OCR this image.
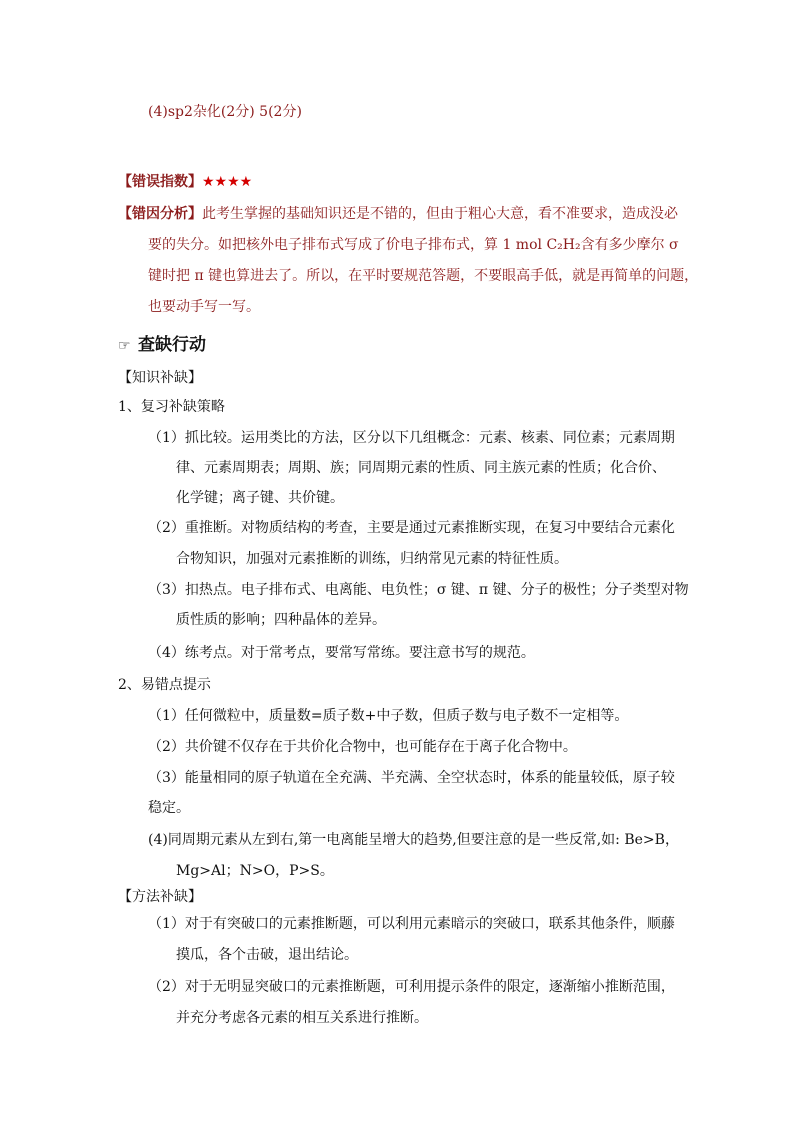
(4)sp2杂化(2分) 5(2分)
【错误指数】★★★★
【错因分析】此考生掌握的基础知识还是不错的，但由于粗心大意，看不准要求，造成没必
要的失分。如把核外电子排布式写成了价电子排布式，算 1 mol C₂H₂含有多少摩尔 σ
键时把 π 键也算进去了。所以，在平时要规范答题，不要眼高手低，就是再简单的问题，
也要动手写一写。
☞ 查缺行动
【知识补缺】
1、复习补缺策略
（1）抓比较。运用类比的方法，区分以下几组概念：元素、核素、同位素；元素周期
律、元素周期表；周期、族；同周期元素的性质、同主族元素的性质；化合价、
化学键；离子键、共价键。
（2）重推断。对物质结构的考查，主要是通过元素推断实现，在复习中要结合元素化
合物知识，加强对元素推断的训练，归纳常见元素的特征性质。
（3）扣热点。电子排布式、电离能、电负性；σ 键、π 键、分子的极性；分子类型对物
质性质的影响；四种晶体的差异。
（4）练考点。对于常考点，要常写常练。要注意书写的规范。
2、易错点提示
（1）任何微粒中，质量数=质子数+中子数，但质子数与电子数不一定相等。
（2）共价键不仅存在于共价化合物中，也可能存在于离子化合物中。
（3）能量相同的原子轨道在全充满、半充满、全空状态时，体系的能量较低，原子较
稳定。
(4)同周期元素从左到右,第一电离能呈增大的趋势,但要注意的是一些反常,如: Be>B，
Mg>Al；N>O，P>S。
【方法补缺】
（1）对于有突破口的元素推断题，可以利用元素暗示的突破口，联系其他条件，顺藤
摸瓜，各个击破，退出结论。
（2）对于无明显突破口的元素推断题，可利用提示条件的限定，逐渐缩小推断范围，
并充分考虑各元素的相互关系进行推断。
